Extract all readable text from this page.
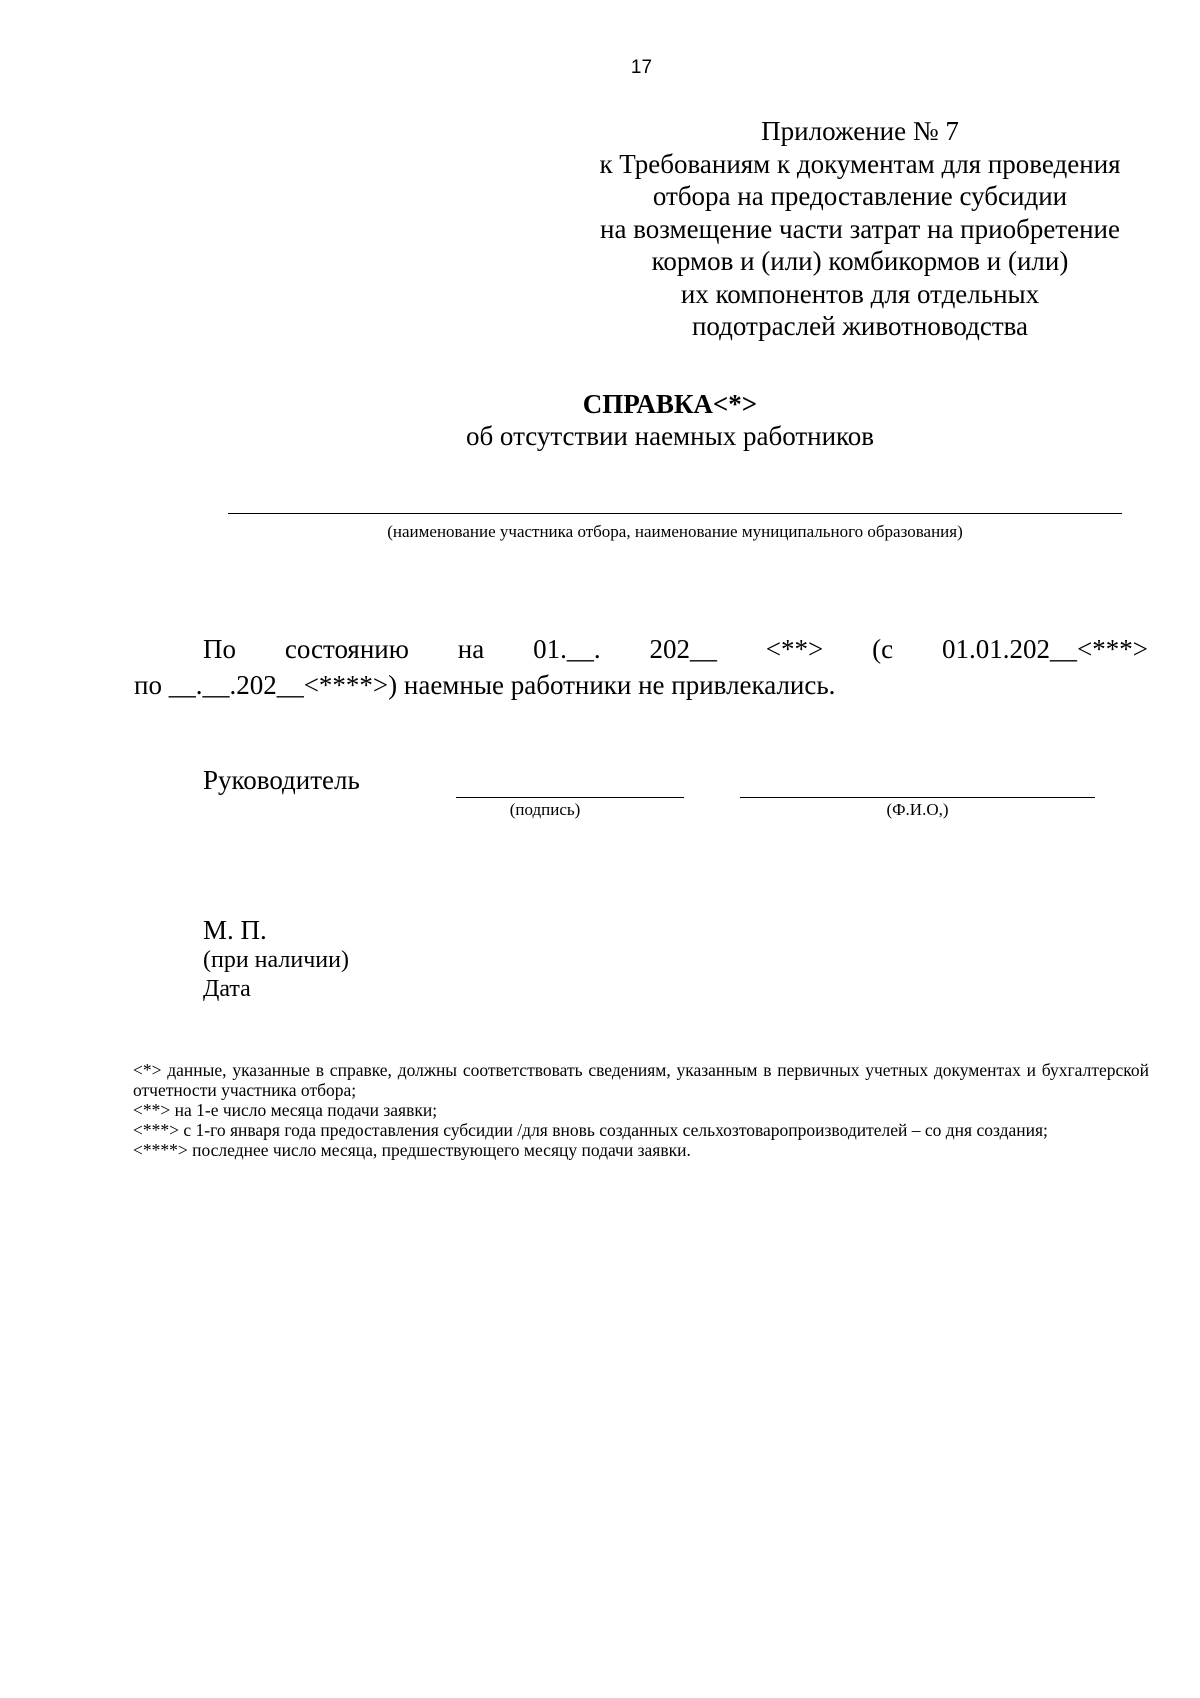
17
Приложение № 7
к Требованиям к документам для проведения
отбора на предоставление субсидии
на возмещение части затрат на приобретение
кормов и (или) комбикормов и (или)
их компонентов для отдельных
подотраслей животноводства
СПРАВКА<*>
об отсутствии наемных работников
(наименование участника отбора, наименование муниципального образования)
По состоянию на 01.__. 202__ <**> (с 01.01.202__<***>
по __.__.202__<****>) наемные работники не привлекались.
Руководитель
(подпись)	(Ф.И.О,)
М. П.
(при наличии)
Дата

<*> данные, указанные в справке, должны соответствовать сведениям, указанным в первичных учетных документах и бухгалтерской отчетности участника отбора;

<**> на 1-е число месяца подачи заявки;

<***> с 1-го января года предоставления субсидии /для вновь созданных сельхозтоваропроизводителей – со дня создания;

<****> последнее число месяца, предшествующего месяцу подачи заявки.
